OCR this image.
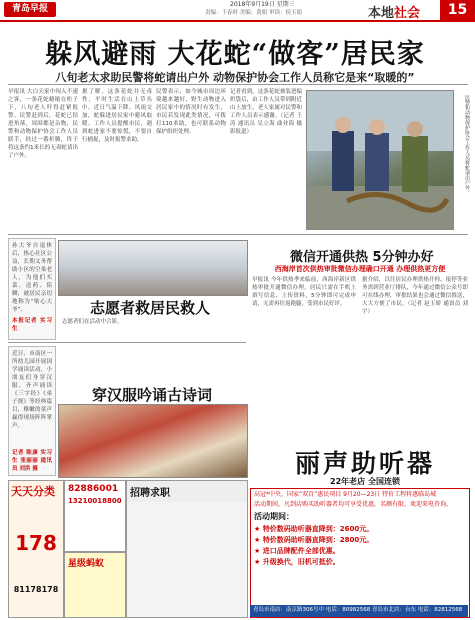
青岛早报	2018年9月19日 星期三
责编：于春时 美编：黄娟 审读：侯玉娟	本地社会	15
躲风避雨 大花蛇“做客”居民家
八旬老太求助民警将蛇请出户外 动物保护协会工作人员称它是来“取暖的”
早报讯 大白天家中闯入不速之客，一条花蛇蜷缩在柜子下，八旬老人吓得赶紧报警。民警赶到后，花蛇已钻进角落，周围都是杂物，民警和动物保护协会工作人员联手，经过一番折腾，终于将这条约1米长的无毒蛇请出了户外。
据了解，这条花蛇并无毒性，平时生活在山上草丛中。近日气温下降、风雨交加，蛇躲进居民家中避风取暖。工作人员提醒市民，遇到蛇进家不要惊慌，不要自行捕捉，及时报警求助。
民警表示，如今城市周边环境越来越好，野生动物进入居民家中的情况时有发生，市民若发现此类情况，可拨打110求助，也可联系动物保护组织处理。
记者看到，这条花蛇被装进编织袋后，由工作人员带到附近山上放生。老人家属对民警和工作人员表示感谢。（记者 王涛 通讯员 吴立海 曲业海 摄影报道）	民警和动物保护协会工作人员将蛇请出户外。
孙大爷自退休后，热心社区公益，长期义务帮助小区的空巢老人，为他们买菜、送药、陪聊，被居民亲切地称为“贴心大爷”。
本报记者 实习生
志愿者救居民救人
志愿者们在活动中合影。
近日，市南区一所幼儿园开展国学诵读活动，小朋友们身穿汉服，齐声诵读《三字经》《弟子规》等经典篇目，稚嫩的童声赢得现场阵阵掌声。
记者 陈康 实习生 张丽丽 通讯员 刘洪 摄
穿汉服吟诵古诗词
微信开通供热 5分钟办好
西海岸首次供热审批微信办理确口开通 办理供热更方便
早报讯 今年供热季来临前，西海岸新区供热审批开通微信办理，居民只需在手机上填写信息、上传资料，5分钟即可完成申请，无需再往返跑腿，受到市民好评。
据介绍，以往居民办理供热开栓、报停等业务需到营业厅排队，今年通过微信公众号即可在线办理，审批结果也会通过微信推送，大大方便了市民。（记者 赵玉娇 通讯员 刘宇）
丽声助听器
22年老店 全国连锁
高冠*中央，国家“双百”惠民项目 9月20—23日 特价工程将惠临岛城
活动期间，凡到店购买助听器者均可享受优惠，名额有限，欢迎来电咨询。
活动期间：
★ 特价数码助听器直降到：2600元。
★ 特价数码助听器直降到：2800元。
★ 进口品牌配件全部优惠。
★ 升级换代，旧机可抵价。
青岛市南店：南京路306号中 电话：80982568 青岛市北店：台东 电话：82812568
天天分类
178
81178178
82886001
13210018800
星级蚂蚁
招聘求职
